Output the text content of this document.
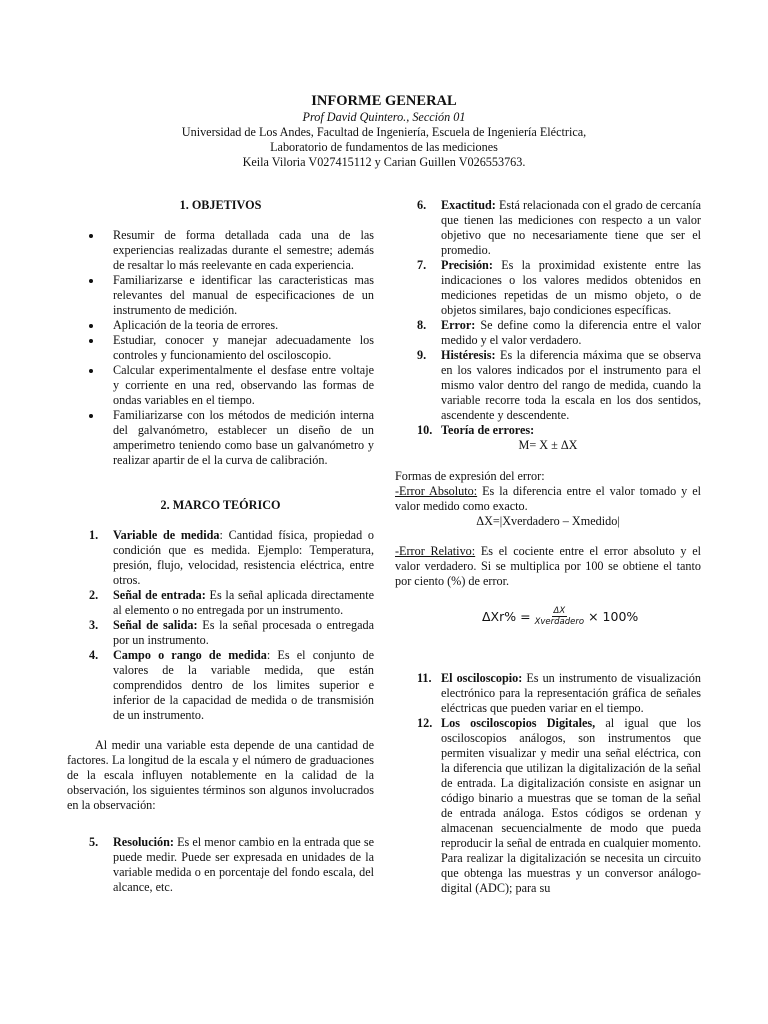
INFORME GENERAL
Prof David Quintero., Sección 01
Universidad de Los Andes, Facultad de Ingeniería, Escuela de Ingeniería Eléctrica,
Laboratorio de fundamentos de las mediciones
Keila Viloria V027415112 y Carian Guillen V026553763.
1. OBJETIVOS
Resumir de forma detallada cada una de las experiencias realizadas durante el semestre; además de resaltar lo más reelevante en cada experiencia.
Familiarizarse e identificar las caracteristicas mas relevantes del manual de especificaciones de un instrumento de medición.
Aplicación de la teoria de errores.
Estudiar, conocer y manejar adecuadamente los controles y funcionamiento del osciloscopio.
Calcular experimentalmente el desfase entre voltaje y corriente en una red, observando las formas de ondas variables en el tiempo.
Familiarizarse con los métodos de medición interna del galvanómetro, establecer un diseño de un amperimetro teniendo como base un galvanómetro y realizar apartir de el la curva de calibración.
2. MARCO TEÓRICO
1. Variable de medida: Cantidad física, propiedad o condición que es medida. Ejemplo: Temperatura, presión, flujo, velocidad, resistencia eléctrica, entre otros.
2. Señal de entrada: Es la señal aplicada directamente al elemento o no entregada por un instrumento.
3. Señal de salida: Es la señal procesada o entregada por un instrumento.
4. Campo o rango de medida: Es el conjunto de valores de la variable medida, que están comprendidos dentro de los limites superior e inferior de la capacidad de medida o de transmisión de un instrumento.

Al medir una variable esta depende de una cantidad de factores. La longitud de la escala y el número de graduaciones de la escala influyen notablemente en la calidad de la observación, los siguientes términos son algunos involucrados en la observación:

5. Resolución: Es el menor cambio en la entrada que se puede medir. Puede ser expresada en unidades de la variable medida o en porcentaje del fondo escala, del alcance, etc.
6. Exactitud: Está relacionada con el grado de cercanía que tienen las mediciones con respecto a un valor objetivo que no necesariamente tiene que ser el promedio.
7. Precisión: Es la proximidad existente entre las indicaciones o los valores medidos obtenidos en mediciones repetidas de un mismo objeto, o de objetos similares, bajo condiciones específicas.
8. Error: Se define como la diferencia entre el valor medido y el valor verdadero.
9. Histéresis: Es la diferencia máxima que se observa en los valores indicados por el instrumento para el mismo valor dentro del rango de medida, cuando la variable recorre toda la escala en los dos sentidos, ascendente y descendente.
10. Teoría de errores:
M= X ± ΔX

Formas de expresión del error:

-Error Absoluto: Es la diferencia entre el valor tomado y el valor medido como exacto.

ΔX=|Xverdadero – Xmedido|

-Error Relativo: Es el cociente entre el error absoluto y el valor verdadero. Si se multiplica por 100 se obtiene el tanto por ciento (%) de error.

$\Delta Xr\% = \frac{\Delta X}{\text{Xverdadero}} \times 100\%$
11. El osciloscopio: Es un instrumento de visualización electrónico para la representación gráfica de señales eléctricas que pueden variar en el tiempo.
12. Los osciloscopios Digitales, al igual que los osciloscopios análogos, son instrumentos que permiten visualizar y medir una señal eléctrica, con la diferencia que utilizan la digitalización de la señal de entrada. La digitalización consiste en asignar un código binario a muestras que se toman de la señal de entrada análoga. Estos códigos se ordenan y almacenan secuencialmente de modo que pueda reproducir la señal de entrada en cualquier momento. Para realizar la digitalización se necesita un circuito que obtenga las muestras y un conversor análogo-digital (ADC); para su
